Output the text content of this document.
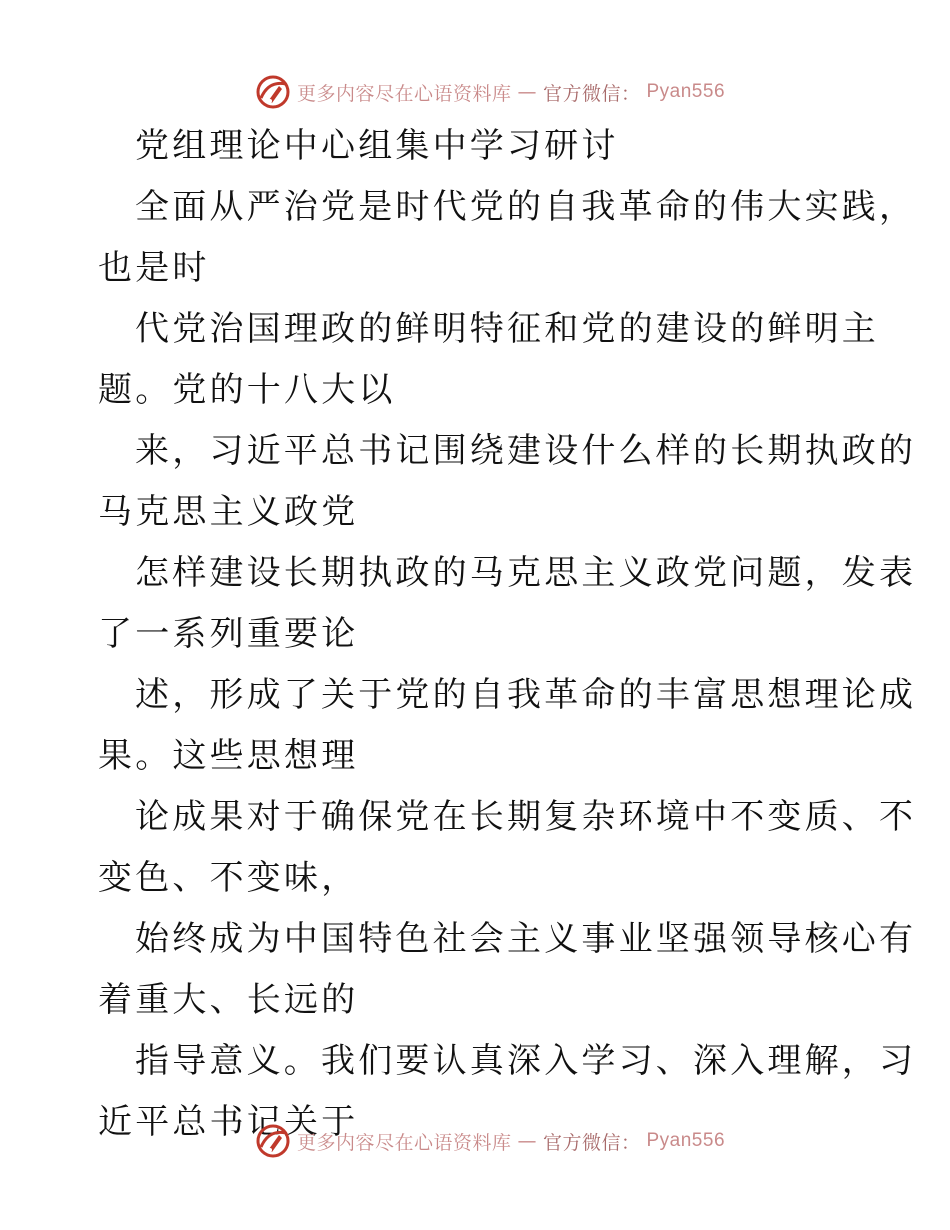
更多内容尽在心语资料库 — 官方微信： Pyan556
党组理论中心组集中学习研讨
全面从严治党是时代党的自我革命的伟大实践，
也是时
代党治国理政的鲜明特征和党的建设的鲜明主
题。党的十八大以
来，习近平总书记围绕建设什么样的长期执政的
马克思主义政党
怎样建设长期执政的马克思主义政党问题，发表
了一系列重要论
述，形成了关于党的自我革命的丰富思想理论成
果。这些思想理
论成果对于确保党在长期复杂环境中不变质、不
变色、不变味，
始终成为中国特色社会主义事业坚强领导核心有
着重大、长远的
指导意义。我们要认真深入学习、深入理解，习
近平总书记关于
更多内容尽在心语资料库 — 官方微信： Pyan556
